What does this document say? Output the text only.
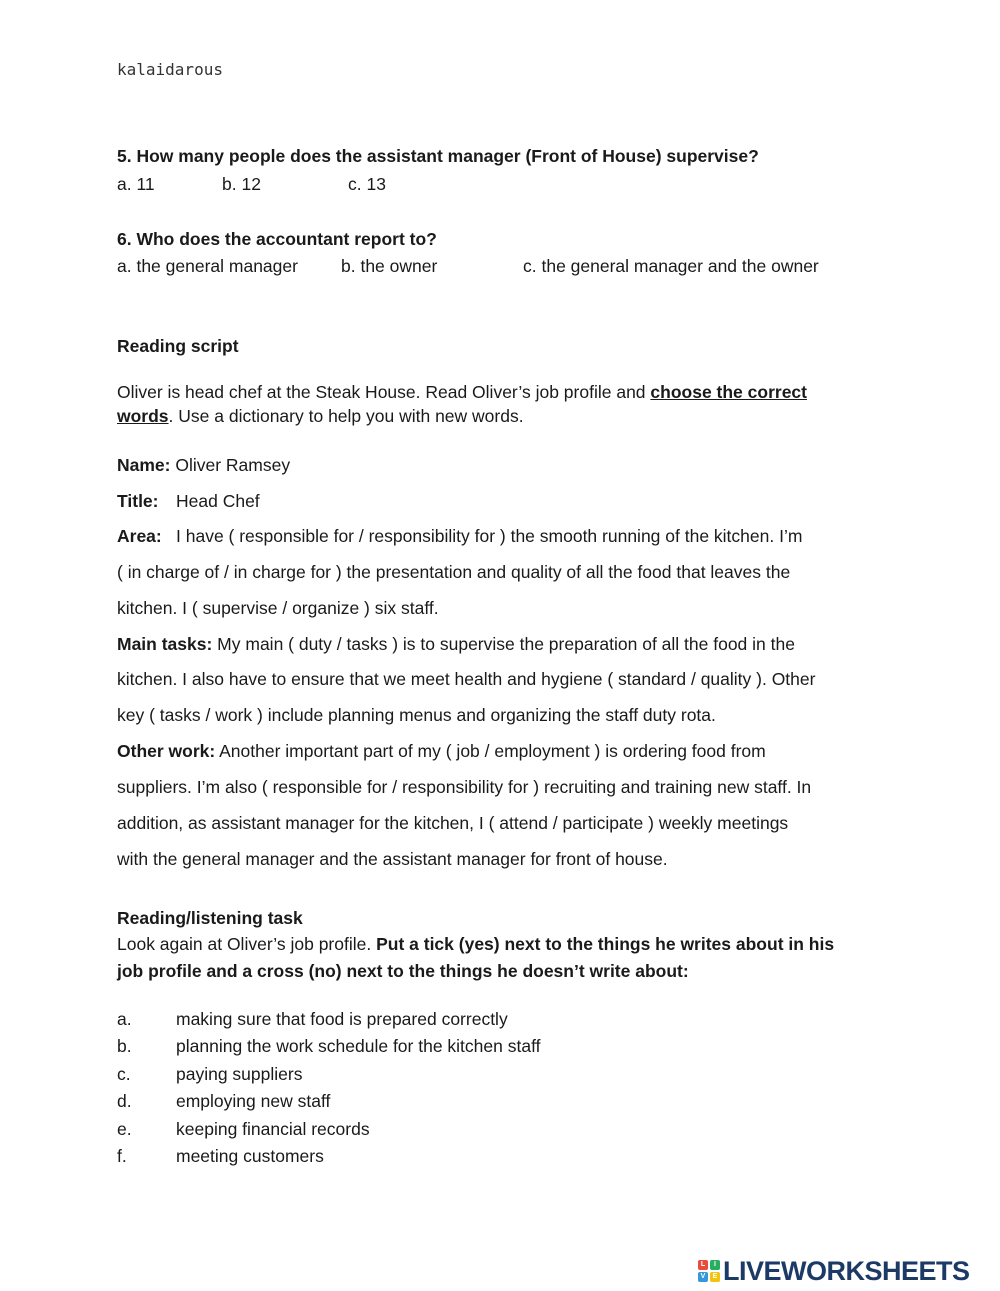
kalaidarous
5. How many people does the assistant manager (Front of House) supervise?
a. 11	b. 12	c. 13
6. Who does the accountant report to?
a. the general manager b. the owner	c. the general manager and the owner
Reading script
Oliver is head chef at the Steak House. Read Oliver’s job profile and choose the correct
words. Use a dictionary to help you with new words.
Name: Oliver Ramsey
Title: Head Chef
Area: I have ( responsible for / responsibility for ) the smooth running of the kitchen. I’m
( in charge of / in charge for ) the presentation and quality of all the food that leaves the
kitchen. I ( supervise / organize ) six staff.
Main tasks: My main ( duty / tasks ) is to supervise the preparation of all the food in the
kitchen. I also have to ensure that we meet health and hygiene ( standard / quality ). Other
key ( tasks / work ) include planning menus and organizing the staff duty rota.
Other work: Another important part of my ( job / employment ) is ordering food from
suppliers. I’m also ( responsible for / responsibility for ) recruiting and training new staff. In
addition, as assistant manager for the kitchen, I ( attend / participate ) weekly meetings
with the general manager and the assistant manager for front of house.
Reading/listening task
Look again at Oliver’s job profile. Put a tick (yes) next to the things he writes about in his
job profile and a cross (no) next to the things he doesn’t write about:
a.	making sure that food is prepared correctly
b.	planning the work schedule for the kitchen staff
c.	paying suppliers
d.	employing new staff
e.	keeping financial records
f.	meeting customers
L	I
V	E LIVEWORKSHEETS
